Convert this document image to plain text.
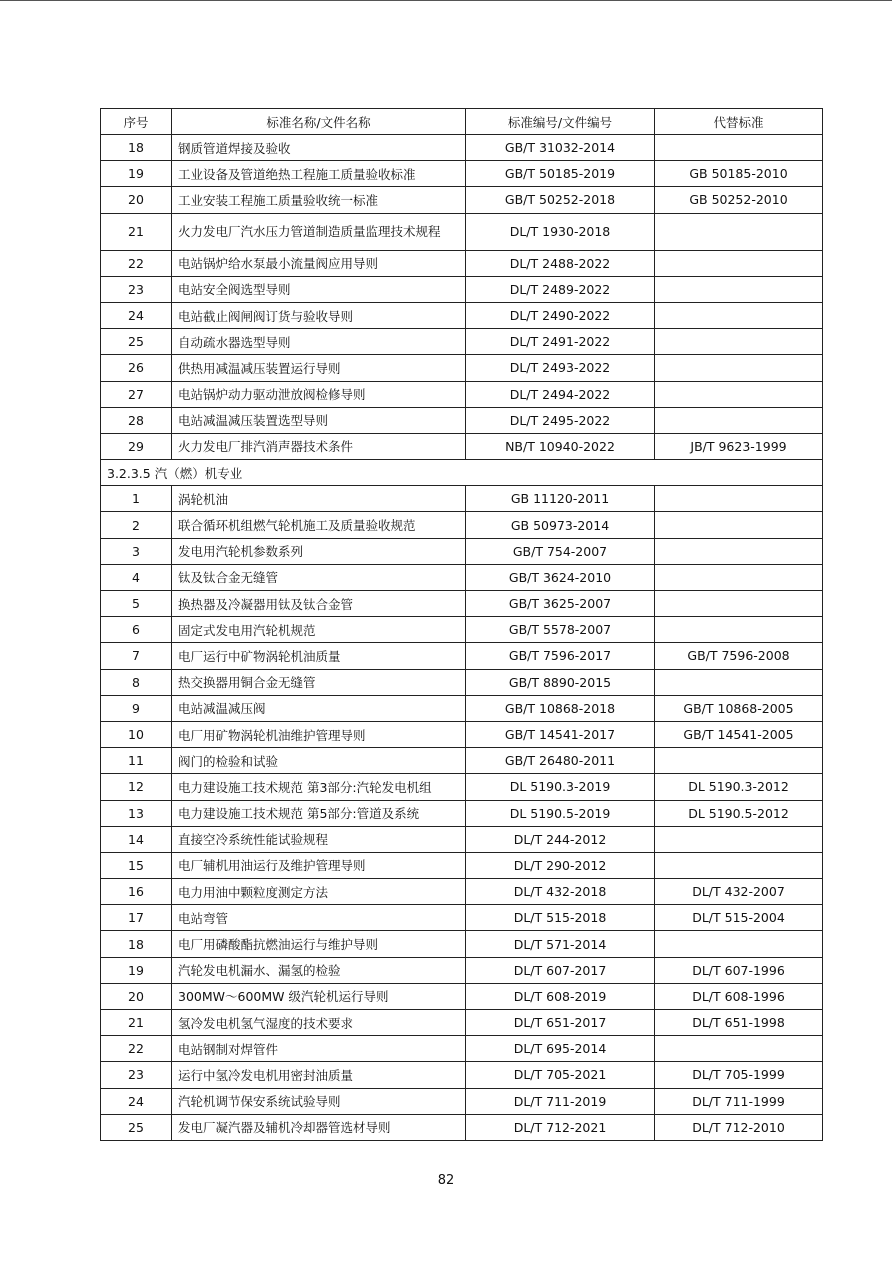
序号	标准名称/文件名称	标准编号/文件编号	代替标准
18	钢质管道焊接及验收	GB/T 31032-2014	
19	工业设备及管道绝热工程施工质量验收标准	GB/T 50185-2019	GB 50185-2010
20	工业安装工程施工质量验收统一标准	GB/T 50252-2018	GB 50252-2010
21	火力发电厂汽水压力管道制造质量监理技术规程	DL/T 1930-2018	
22	电站锅炉给水泵最小流量阀应用导则	DL/T 2488-2022	
23	电站安全阀选型导则	DL/T 2489-2022	
24	电站截止阀闸阀订货与验收导则	DL/T 2490-2022	
25	自动疏水器选型导则	DL/T 2491-2022	
26	供热用减温减压装置运行导则	DL/T 2493-2022	
27	电站锅炉动力驱动泄放阀检修导则	DL/T 2494-2022	
28	电站减温减压装置选型导则	DL/T 2495-2022	
29	火力发电厂排汽消声器技术条件	NB/T 10940-2022	JB/T 9623-1999
3.2.3.5 汽（燃）机专业			
1	涡轮机油	GB 11120-2011	
2	联合循环机组燃气轮机施工及质量验收规范	GB 50973-2014	
3	发电用汽轮机参数系列	GB/T 754-2007	
4	钛及钛合金无缝管	GB/T 3624-2010	
5	换热器及冷凝器用钛及钛合金管	GB/T 3625-2007	
6	固定式发电用汽轮机规范	GB/T 5578-2007	
7	电厂运行中矿物涡轮机油质量	GB/T 7596-2017	GB/T 7596-2008
8	热交换器用铜合金无缝管	GB/T 8890-2015	
9	电站减温减压阀	GB/T 10868-2018	GB/T 10868-2005
10	电厂用矿物涡轮机油维护管理导则	GB/T 14541-2017	GB/T 14541-2005
11	阀门的检验和试验	GB/T 26480-2011	
12	电力建设施工技术规范 第3部分:汽轮发电机组	DL 5190.3-2019	DL 5190.3-2012
13	电力建设施工技术规范 第5部分:管道及系统	DL 5190.5-2019	DL 5190.5-2012
14	直接空冷系统性能试验规程	DL/T 244-2012	
15	电厂辅机用油运行及维护管理导则	DL/T 290-2012	
16	电力用油中颗粒度测定方法	DL/T 432-2018	DL/T 432-2007
17	电站弯管	DL/T 515-2018	DL/T 515-2004
18	电厂用磷酸酯抗燃油运行与维护导则	DL/T 571-2014	
19	汽轮发电机漏水、漏氢的检验	DL/T 607-2017	DL/T 607-1996
20	300MW～600MW 级汽轮机运行导则	DL/T 608-2019	DL/T 608-1996
21	氢冷发电机氢气湿度的技术要求	DL/T 651-2017	DL/T 651-1998
22	电站钢制对焊管件	DL/T 695-2014	
23	运行中氢冷发电机用密封油质量	DL/T 705-2021	DL/T 705-1999
24	汽轮机调节保安系统试验导则	DL/T 711-2019	DL/T 711-1999
25	发电厂凝汽器及辅机冷却器管选材导则	DL/T 712-2021	DL/T 712-2010
82
